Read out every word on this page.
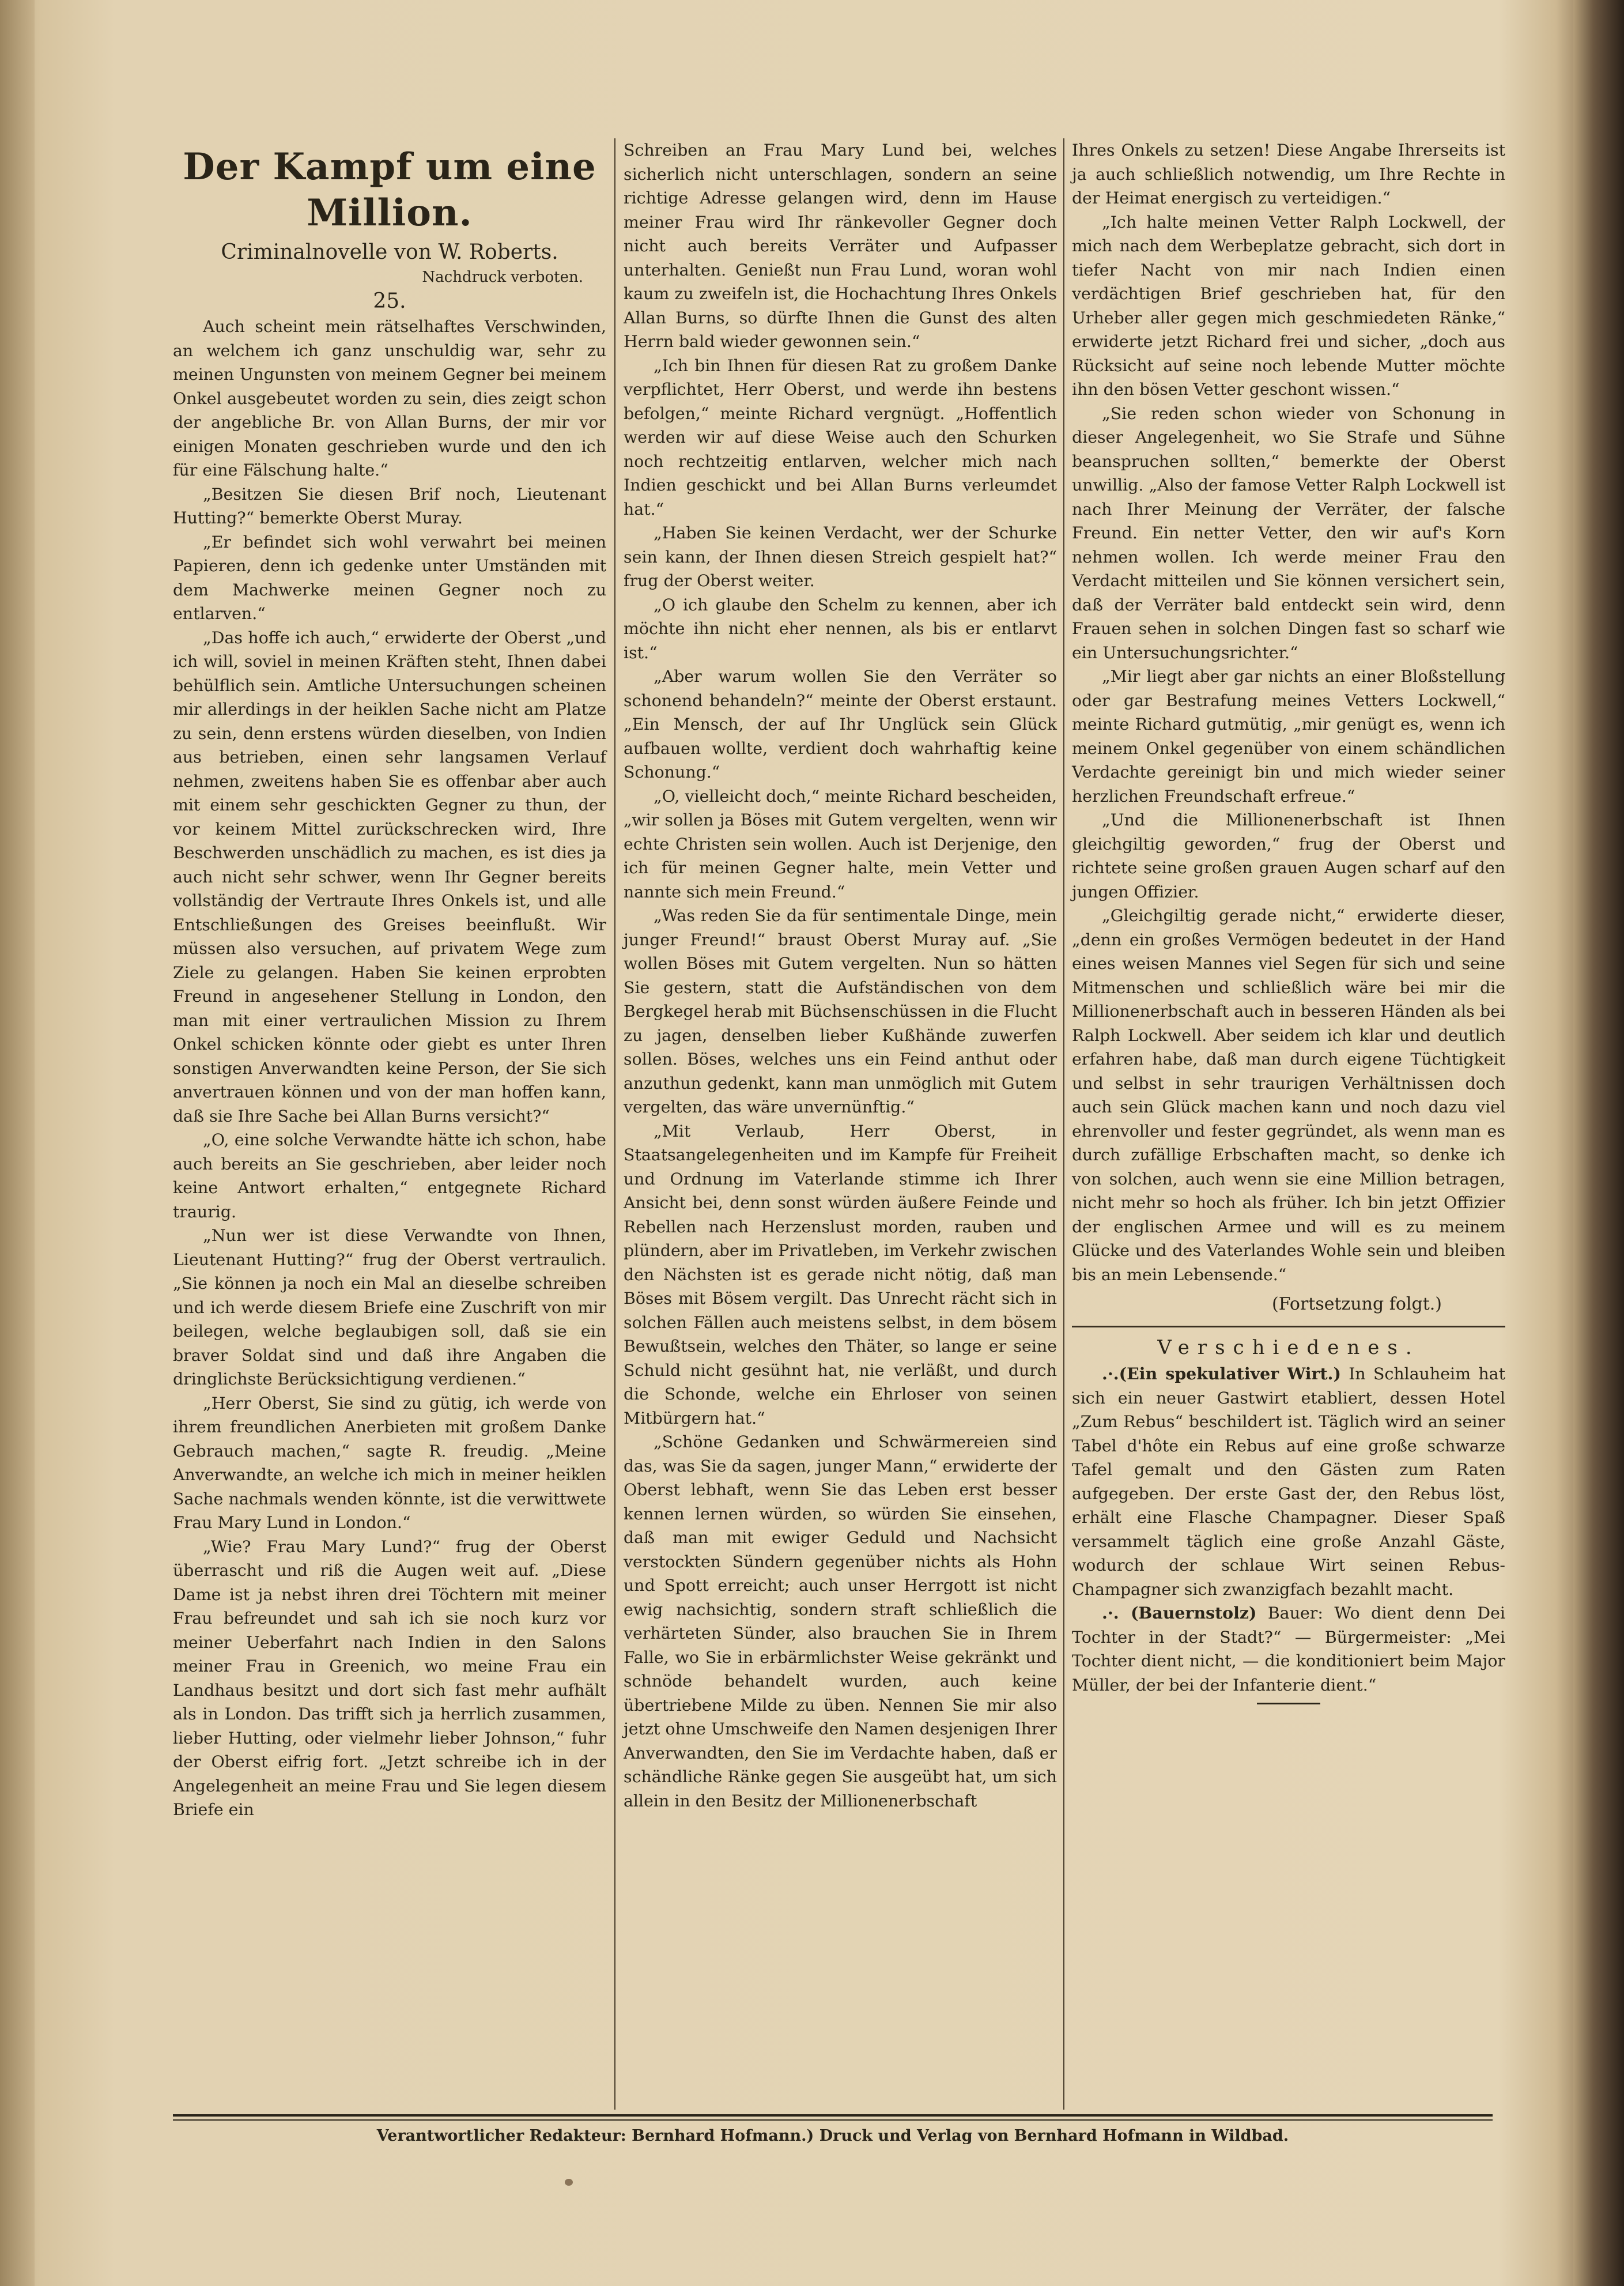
Der Kampf um eine Million.
Criminalnovelle von W. Roberts.
Nachdruck verboten.
25.

Auch scheint mein rätselhaftes Verschwinden, an welchem ich ganz unschuldig war, sehr zu meinen Ungunsten von meinem Gegner bei meinem Onkel ausgebeutet worden zu sein, dies zeigt schon der angebliche Br. von Allan Burns, der mir vor einigen Monaten geschrieben wurde und den ich für eine Fälschung halte.“

„Besitzen Sie diesen Brif noch, Lieutenant Hutting?“ bemerkte Oberst Muray.

„Er befindet sich wohl verwahrt bei meinen Papieren, denn ich gedenke unter Umständen mit dem Machwerke meinen Gegner noch zu entlarven.“

„Das hoffe ich auch,“ erwiderte der Oberst „und ich will, soviel in meinen Kräften steht, Ihnen dabei behülflich sein. Amtliche Untersuchungen scheinen mir allerdings in der heiklen Sache nicht am Platze zu sein, denn erstens würden dieselben, von Indien aus betrieben, einen sehr langsamen Verlauf nehmen, zweitens haben Sie es offenbar aber auch mit einem sehr geschickten Gegner zu thun, der vor keinem Mittel zurückschrecken wird, Ihre Beschwerden unschädlich zu machen, es ist dies ja auch nicht sehr schwer, wenn Ihr Gegner bereits vollständig der Vertraute Ihres Onkels ist, und alle Entschließungen des Greises beeinflußt. Wir müssen also versuchen, auf privatem Wege zum Ziele zu gelangen. Haben Sie keinen erprobten Freund in angesehener Stellung in London, den man mit einer vertraulichen Mission zu Ihrem Onkel schicken könnte oder giebt es unter Ihren sonstigen Anverwandten keine Person, der Sie sich anvertrauen können und von der man hoffen kann, daß sie Ihre Sache bei Allan Burns versicht?“

„O, eine solche Verwandte hätte ich schon, habe auch bereits an Sie geschrieben, aber leider noch keine Antwort erhalten,“ entgegnete Richard traurig.

„Nun wer ist diese Verwandte von Ihnen, Lieutenant Hutting?“ frug der Oberst vertraulich. „Sie können ja noch ein Mal an dieselbe schreiben und ich werde diesem Briefe eine Zuschrift von mir beilegen, welche beglaubigen soll, daß sie ein braver Soldat sind und daß ihre Angaben die dringlichste Berücksichtigung verdienen.“

„Herr Oberst, Sie sind zu gütig, ich werde von ihrem freundlichen Anerbieten mit großem Danke Gebrauch machen,“ sagte R. freudig. „Meine Anverwandte, an welche ich mich in meiner heiklen Sache nachmals wenden könnte, ist die verwittwete Frau Mary Lund in London.“

„Wie? Frau Mary Lund?“ frug der Oberst überrascht und riß die Augen weit auf. „Diese Dame ist ja nebst ihren drei Töchtern mit meiner Frau befreundet und sah ich sie noch kurz vor meiner Ueberfahrt nach Indien in den Salons meiner Frau in Greenich, wo meine Frau ein Landhaus besitzt und dort sich fast mehr aufhält als in London. Das trifft sich ja herrlich zusammen, lieber Hutting, oder vielmehr lieber Johnson,“ fuhr der Oberst eifrig fort. „Jetzt schreibe ich in der Angelegenheit an meine Frau und Sie legen diesem Briefe ein

Schreiben an Frau Mary Lund bei, welches sicherlich nicht unterschlagen, sondern an seine richtige Adresse gelangen wird, denn im Hause meiner Frau wird Ihr ränkevoller Gegner doch nicht auch bereits Verräter und Aufpasser unterhalten. Genießt nun Frau Lund, woran wohl kaum zu zweifeln ist, die Hochachtung Ihres Onkels Allan Burns, so dürfte Ihnen die Gunst des alten Herrn bald wieder gewonnen sein.“

„Ich bin Ihnen für diesen Rat zu großem Danke verpflichtet, Herr Oberst, und werde ihn bestens befolgen,“ meinte Richard vergnügt. „Hoffentlich werden wir auf diese Weise auch den Schurken noch rechtzeitig entlarven, welcher mich nach Indien geschickt und bei Allan Burns verleumdet hat.“

„Haben Sie keinen Verdacht, wer der Schurke sein kann, der Ihnen diesen Streich gespielt hat?“ frug der Oberst weiter.

„O ich glaube den Schelm zu kennen, aber ich möchte ihn nicht eher nennen, als bis er entlarvt ist.“

„Aber warum wollen Sie den Verräter so schonend behandeln?“ meinte der Oberst erstaunt. „Ein Mensch, der auf Ihr Unglück sein Glück aufbauen wollte, verdient doch wahrhaftig keine Schonung.“

„O, vielleicht doch,“ meinte Richard bescheiden, „wir sollen ja Böses mit Gutem vergelten, wenn wir echte Christen sein wollen. Auch ist Derjenige, den ich für meinen Gegner halte, mein Vetter und nannte sich mein Freund.“

„Was reden Sie da für sentimentale Dinge, mein junger Freund!“ braust Oberst Muray auf. „Sie wollen Böses mit Gutem vergelten. Nun so hätten Sie gestern, statt die Aufständischen von dem Bergkegel herab mit Büchsenschüssen in die Flucht zu jagen, denselben lieber Kußhände zuwerfen sollen. Böses, welches uns ein Feind anthut oder anzuthun gedenkt, kann man unmöglich mit Gutem vergelten, das wäre unvernünftig.“

„Mit Verlaub, Herr Oberst, in Staatsangelegenheiten und im Kampfe für Freiheit und Ordnung im Vaterlande stimme ich Ihrer Ansicht bei, denn sonst würden äußere Feinde und Rebellen nach Herzenslust morden, rauben und plündern, aber im Privatleben, im Verkehr zwischen den Nächsten ist es gerade nicht nötig, daß man Böses mit Bösem vergilt. Das Unrecht rächt sich in solchen Fällen auch meistens selbst, in dem bösem Bewußtsein, welches den Thäter, so lange er seine Schuld nicht gesühnt hat, nie verläßt, und durch die Schonde, welche ein Ehrloser von seinen Mitbürgern hat.“

„Schöne Gedanken und Schwärmereien sind das, was Sie da sagen, junger Mann,“ erwiderte der Oberst lebhaft, wenn Sie das Leben erst besser kennen lernen würden, so würden Sie einsehen, daß man mit ewiger Geduld und Nachsicht verstockten Sündern gegenüber nichts als Hohn und Spott erreicht; auch unser Herrgott ist nicht ewig nachsichtig, sondern straft schließlich die verhärteten Sünder, also brauchen Sie in Ihrem Falle, wo Sie in erbärmlichster Weise gekränkt und schnöde behandelt wurden, auch keine übertriebene Milde zu üben. Nennen Sie mir also jetzt ohne Umschweife den Namen desjenigen Ihrer Anverwandten, den Sie im Verdachte haben, daß er schändliche Ränke gegen Sie ausgeübt hat, um sich allein in den Besitz der Millionenerbschaft

Ihres Onkels zu setzen! Diese Angabe Ihrerseits ist ja auch schließlich notwendig, um Ihre Rechte in der Heimat energisch zu verteidigen.“

„Ich halte meinen Vetter Ralph Lockwell, der mich nach dem Werbeplatze gebracht, sich dort in tiefer Nacht von mir nach Indien einen verdächtigen Brief geschrieben hat, für den Urheber aller gegen mich geschmiedeten Ränke,“ erwiderte jetzt Richard frei und sicher, „doch aus Rücksicht auf seine noch lebende Mutter möchte ihn den bösen Vetter geschont wissen.“

„Sie reden schon wieder von Schonung in dieser Angelegenheit, wo Sie Strafe und Sühne beanspruchen sollten,“ bemerkte der Oberst unwillig. „Also der famose Vetter Ralph Lockwell ist nach Ihrer Meinung der Verräter, der falsche Freund. Ein netter Vetter, den wir auf's Korn nehmen wollen. Ich werde meiner Frau den Verdacht mitteilen und Sie können versichert sein, daß der Verräter bald entdeckt sein wird, denn Frauen sehen in solchen Dingen fast so scharf wie ein Untersuchungsrichter.“

„Mir liegt aber gar nichts an einer Bloßstellung oder gar Bestrafung meines Vetters Lockwell,“ meinte Richard gutmütig, „mir genügt es, wenn ich meinem Onkel gegenüber von einem schändlichen Verdachte gereinigt bin und mich wieder seiner herzlichen Freundschaft erfreue.“

„Und die Millionenerbschaft ist Ihnen gleichgiltig geworden,“ frug der Oberst und richtete seine großen grauen Augen scharf auf den jungen Offizier.

„Gleichgiltig gerade nicht,“ erwiderte dieser, „denn ein großes Vermögen bedeutet in der Hand eines weisen Mannes viel Segen für sich und seine Mitmenschen und schließlich wäre bei mir die Millionenerbschaft auch in besseren Händen als bei Ralph Lockwell. Aber seidem ich klar und deutlich erfahren habe, daß man durch eigene Tüchtigkeit und selbst in sehr traurigen Verhältnissen doch auch sein Glück machen kann und noch dazu viel ehrenvoller und fester gegründet, als wenn man es durch zufällige Erbschaften macht, so denke ich von solchen, auch wenn sie eine Million betragen, nicht mehr so hoch als früher. Ich bin jetzt Offizier der englischen Armee und will es zu meinem Glücke und des Vaterlandes Wohle sein und bleiben bis an mein Lebensende.“

(Fortsetzung folgt.)
Verschiedenes.

.·.(Ein spekulativer Wirt.) In Schlauheim hat sich ein neuer Gastwirt etabliert, dessen Hotel „Zum Rebus“ beschildert ist. Täglich wird an seiner Tabel d'hôte ein Rebus auf eine große schwarze Tafel gemalt und den Gästen zum Raten aufgegeben. Der erste Gast der, den Rebus löst, erhält eine Flasche Champagner. Dieser Spaß versammelt täglich eine große Anzahl Gäste, wodurch der schlaue Wirt seinen Rebus-Champagner sich zwanzigfach bezahlt macht.

.·. (Bauernstolz) Bauer: Wo dient denn Dei Tochter in der Stadt?“ — Bürgermeister: „Mei Tochter dient nicht, — die konditioniert beim Major Müller, der bei der Infanterie dient.“

Verantwortlicher Redakteur: Bernhard Hofmann.) Druck und Verlag von Bernhard Hofmann in Wildbad.
